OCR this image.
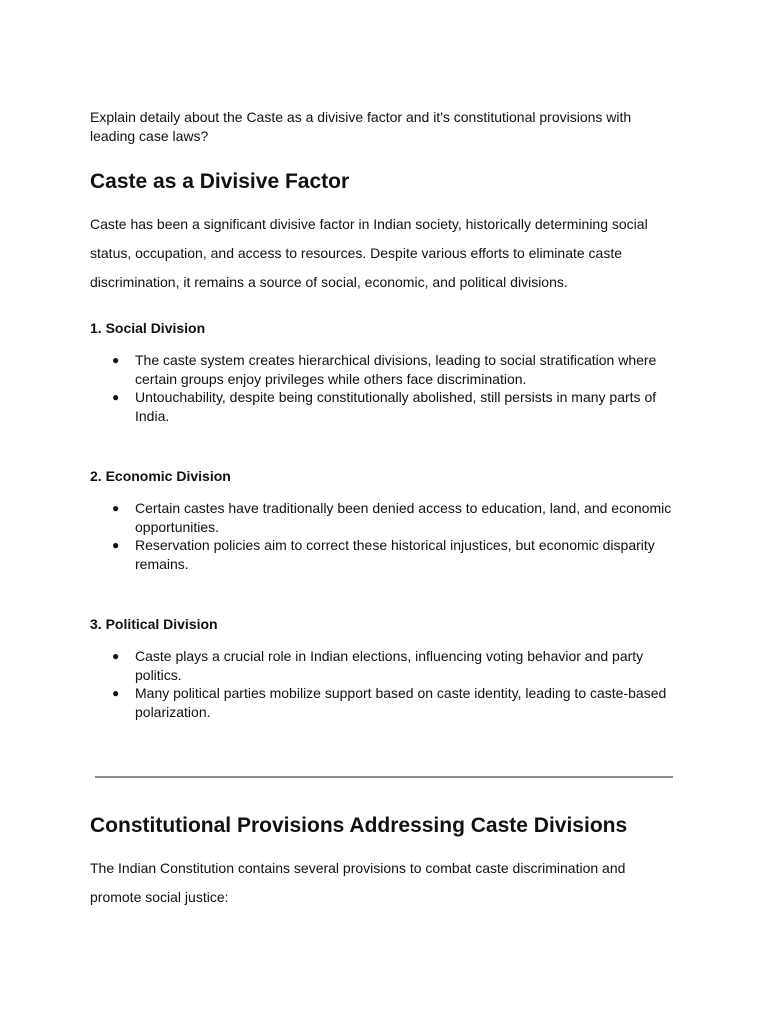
Explain detaily about the Caste as a divisive factor and it's constitutional provisions with leading case laws?

Caste as a Divisive Factor

Caste has been a significant divisive factor in Indian society, historically determining social status, occupation, and access to resources. Despite various efforts to eliminate caste discrimination, it remains a source of social, economic, and political divisions.

1. Social Division
● The caste system creates hierarchical divisions, leading to social stratification where certain groups enjoy privileges while others face discrimination.
● Untouchability, despite being constitutionally abolished, still persists in many parts of India.
2. Economic Division
● Certain castes have traditionally been denied access to education, land, and economic opportunities.
● Reservation policies aim to correct these historical injustices, but economic disparity remains.
3. Political Division
● Caste plays a crucial role in Indian elections, influencing voting behavior and party politics.
● Many political parties mobilize support based on caste identity, leading to caste-based polarization.
Constitutional Provisions Addressing Caste Divisions

The Indian Constitution contains several provisions to combat caste discrimination and promote social justice:
